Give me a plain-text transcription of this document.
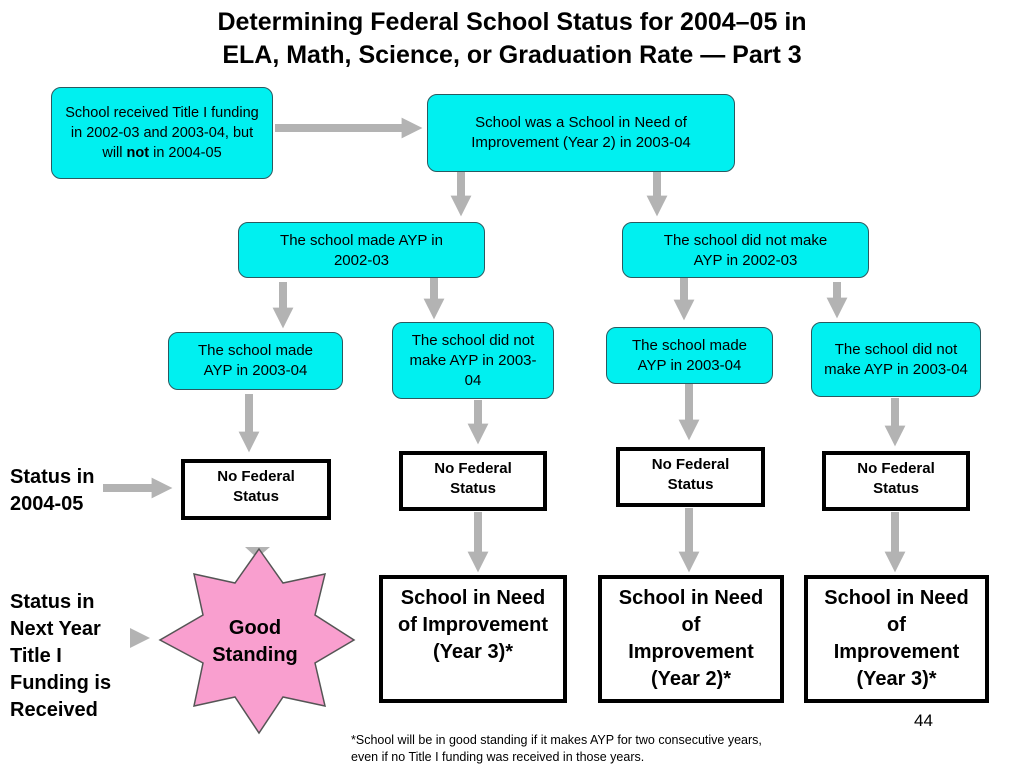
Determining Federal School Status for 2004–05 in
ELA, Math, Science, or Graduation Rate — Part 3
School received Title I funding in 2002-03 and 2003-04, but will not in 2004-05
School was a School in Need of Improvement (Year 2) in 2003-04
The school made AYP in 2002-03
The school did not make AYP in 2002-03
The school made AYP in 2003-04
The school did not make AYP in 2003-04
The school made AYP in 2003-04
The school did not make AYP in 2003-04
No Federal Status
No Federal Status
No Federal Status
No Federal Status
Good Standing
School in Need of Improvement (Year 3)*
School in Need of Improvement (Year 2)*
School in Need of Improvement (Year 3)*
Status in 2004-05
Status in Next Year Title I Funding is Received	44
*School will be in good standing if it makes AYP for two consecutive years,
even if no Title I funding was received in those years.
